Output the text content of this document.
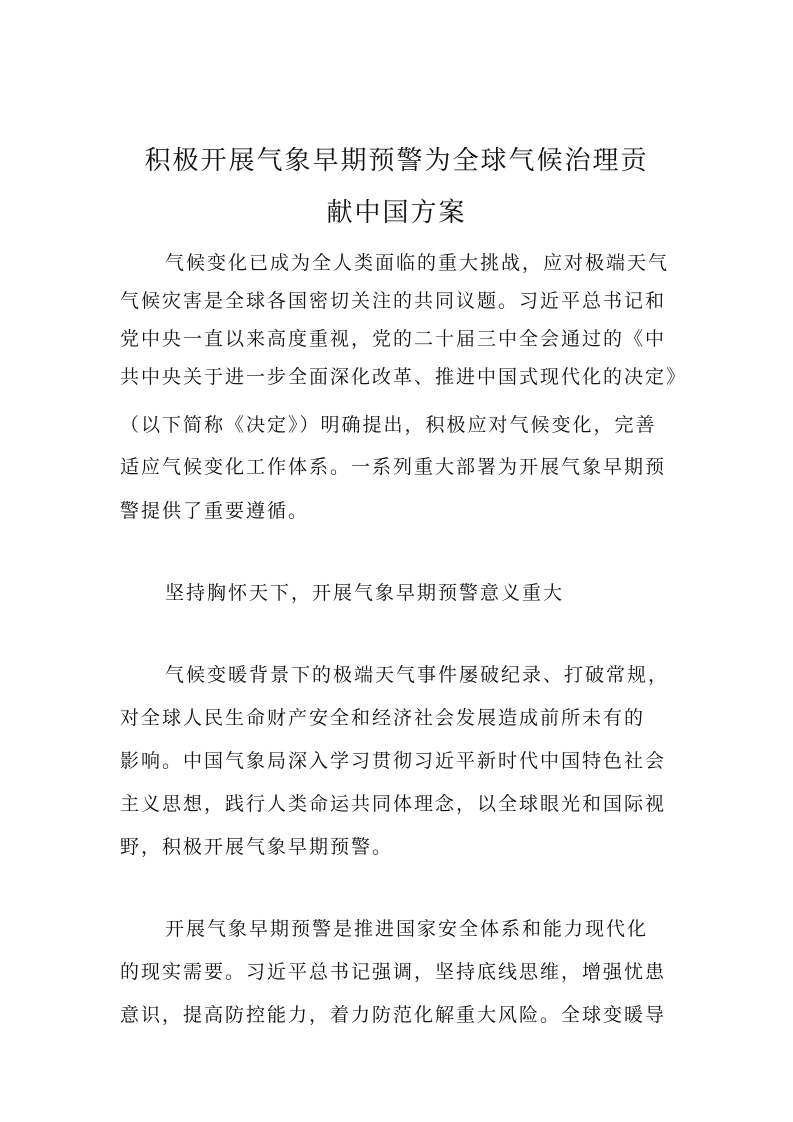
积极开展气象早期预警为全球气候治理贡
献中国方案
气候变化已成为全人类面临的重大挑战，应对极端天气
气候灾害是全球各国密切关注的共同议题。习近平总书记和
党中央一直以来高度重视，党的二十届三中全会通过的《中
共中央关于进一步全面深化改革、推进中国式现代化的决定》
（以下简称《决定》）明确提出，积极应对气候变化，完善
适应气候变化工作体系。一系列重大部署为开展气象早期预
警提供了重要遵循。
坚持胸怀天下，开展气象早期预警意义重大
气候变暖背景下的极端天气事件屡破纪录、打破常规，
对全球人民生命财产安全和经济社会发展造成前所未有的
影响。中国气象局深入学习贯彻习近平新时代中国特色社会
主义思想，践行人类命运共同体理念，以全球眼光和国际视
野，积极开展气象早期预警。
开展气象早期预警是推进国家安全体系和能力现代化
的现实需要。习近平总书记强调，坚持底线思维，增强忧患
意识，提高防控能力，着力防范化解重大风险。全球变暖导
